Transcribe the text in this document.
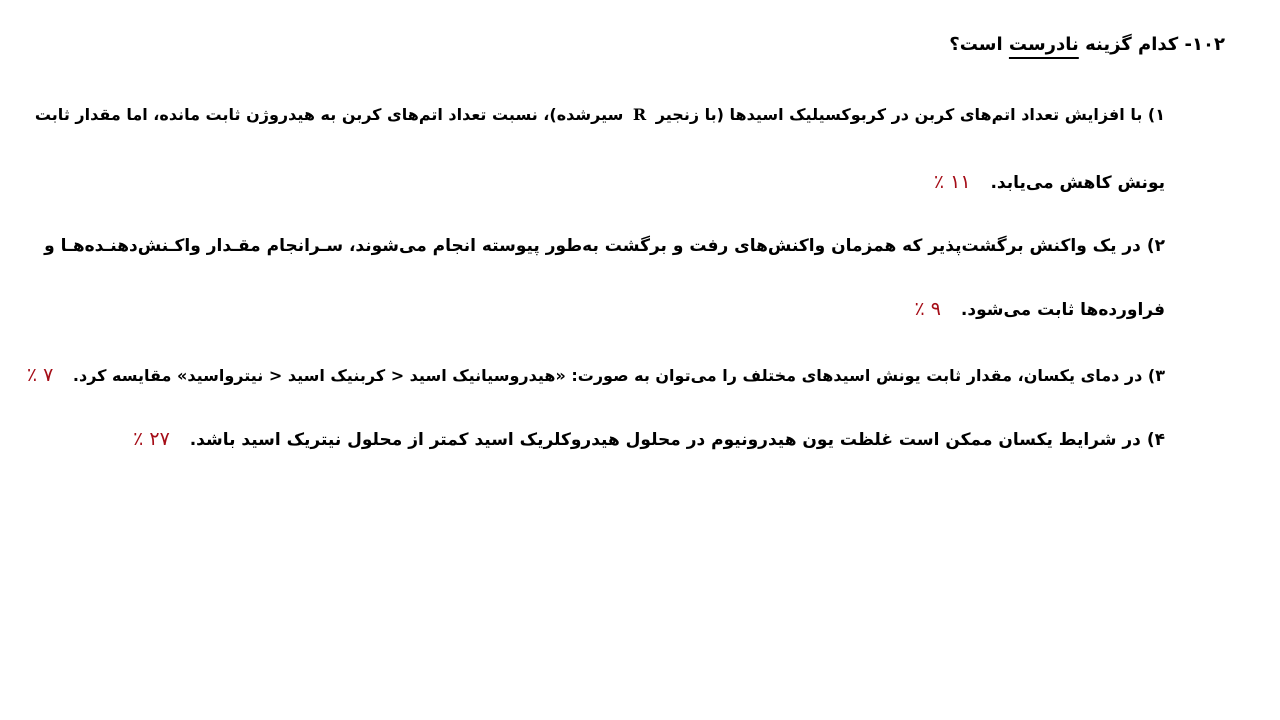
۱۰۲- کدام گزینه نادرست است؟
۱) با افزایش تعداد اتم‌های کربن در کربوکسیلیک اسیدها (با زنجیر R سیرشده)، نسبت تعداد اتم‌های کربن به هیدروژن ثابت مانده، اما مقدار ثابت
یونش کاهش می‌یابد. ۱۱ ٪
۲) در یک واکنش برگشت‌پذیر که همزمان واکنش‌های رفت و برگشت به‌طور پیوسته انجام می‌شوند، سـرانجام مقـدار واکـنش‌دهنـده‌هـا و
فراورده‌ها ثابت می‌شود. ۹ ٪
۳) در دمای یکسان، مقدار ثابت یونش اسیدهای مختلف را می‌توان به صورت: «هیدروسیانیک اسید < کربنیک اسید < نیترواسید» مقایسه کرد. ۷ ٪
۴) در شرایط یکسان ممکن است غلظت یون هیدرونیوم در محلول هیدروکلریک اسید کمتر از محلول نیتریک اسید باشد. ۲۷ ٪
